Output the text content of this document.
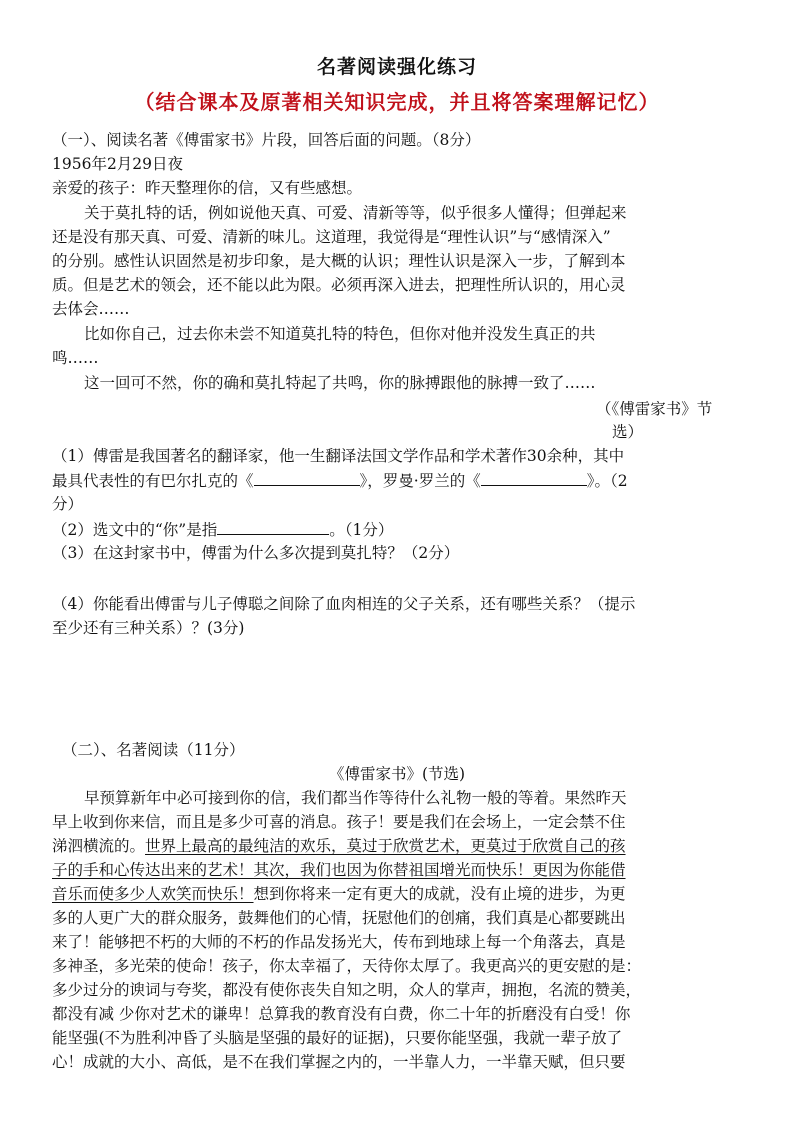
名著阅读强化练习
（结合课本及原著相关知识完成，并且将答案理解记忆）
（一）、阅读名著《傅雷家书》片段，回答后面的问题。（8分）
1956年2月29日夜
亲爱的孩子：昨天整理你的信，又有些感想。
关于莫扎特的话，例如说他天真、可爱、清新等等，似乎很多人懂得；但弹起来
还是没有那天真、可爱、清新的味儿。这道理，我觉得是“理性认识”与“感情深入”
的分别。感性认识固然是初步印象，是大概的认识；理性认识是深入一步，了解到本
质。但是艺术的领会，还不能以此为限。必须再深入进去，把理性所认识的，用心灵
去体会……
比如你自己，过去你未尝不知道莫扎特的特色，但你对他并没发生真正的共
鸣……
这一回可不然，你的确和莫扎特起了共鸣，你的脉搏跟他的脉搏一致了……
（《傅雷家书》节
选）
（1）傅雷是我国著名的翻译家，他一生翻译法国文学作品和学术著作30余种，其中
最具代表性的有巴尔扎克的《	》，罗曼·罗兰的《	》。（2
分）
（2）选文中的“你”是指	。（1分）
（3）在这封家书中，傅雷为什么多次提到莫扎特？（2分）
（4）你能看出傅雷与儿子傅聪之间除了血肉相连的父子关系，还有哪些关系？（提示
至少还有三种关系）？(3分)
（二）、名著阅读（11分）
《傅雷家书》(节选)
早预算新年中必可接到你的信，我们都当作等待什么礼物一般的等着。果然昨天
早上收到你来信，而且是多少可喜的消息。孩子！要是我们在会场上，一定会禁不住
涕泗横流的。世界上最高的最纯洁的欢乐，莫过于欣赏艺术，更莫过于欣赏自己的孩
子的手和心传达出来的艺术！其次，我们也因为你替祖国增光而快乐！更因为你能借
音乐而使多少人欢笑而快乐！想到你将来一定有更大的成就，没有止境的进步，为更
多的人更广大的群众服务，鼓舞他们的心情，抚慰他们的创痛，我们真是心都要跳出
来了！能够把不朽的大师的不朽的作品发扬光大，传布到地球上每一个角落去，真是
多神圣，多光荣的使命！孩子，你太幸福了，天待你太厚了。我更高兴的更安慰的是：
多少过分的谀词与夸奖，都没有使你丧失自知之明，众人的掌声，拥抱，名流的赞美，
都没有减 少你对艺术的谦卑！总算我的教育没有白费，你二十年的折磨没有白受！你
能坚强(不为胜利冲昏了头脑是坚强的最好的证据)，只要你能坚强，我就一辈子放了
心！成就的大小、高低，是不在我们掌握之内的，一半靠人力，一半靠天赋，但只要
